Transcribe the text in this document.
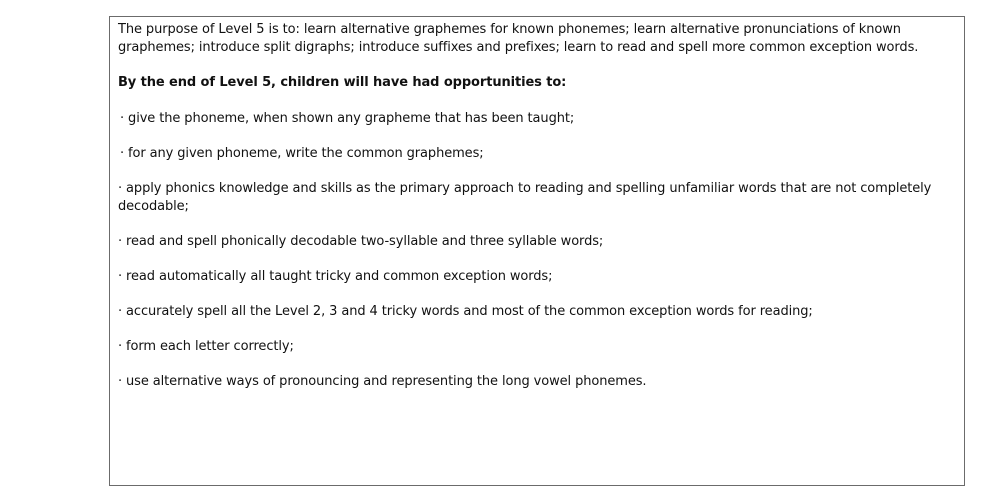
The purpose of Level 5 is to: learn alternative graphemes for known phonemes; learn alternative pronunciations of known graphemes; introduce split digraphs; introduce suffixes and prefixes; learn to read and spell more common exception words.

By the end of Level 5, children will have had opportunities to:

· give the phoneme, when shown any grapheme that has been taught;

· for any given phoneme, write the common graphemes;

· apply phonics knowledge and skills as the primary approach to reading and spelling unfamiliar words that are not completely decodable;

· read and spell phonically decodable two-syllable and three syllable words;

· read automatically all taught tricky and common exception words;

· accurately spell all the Level 2, 3 and 4 tricky words and most of the common exception words for reading;

· form each letter correctly;

· use alternative ways of pronouncing and representing the long vowel phonemes.
